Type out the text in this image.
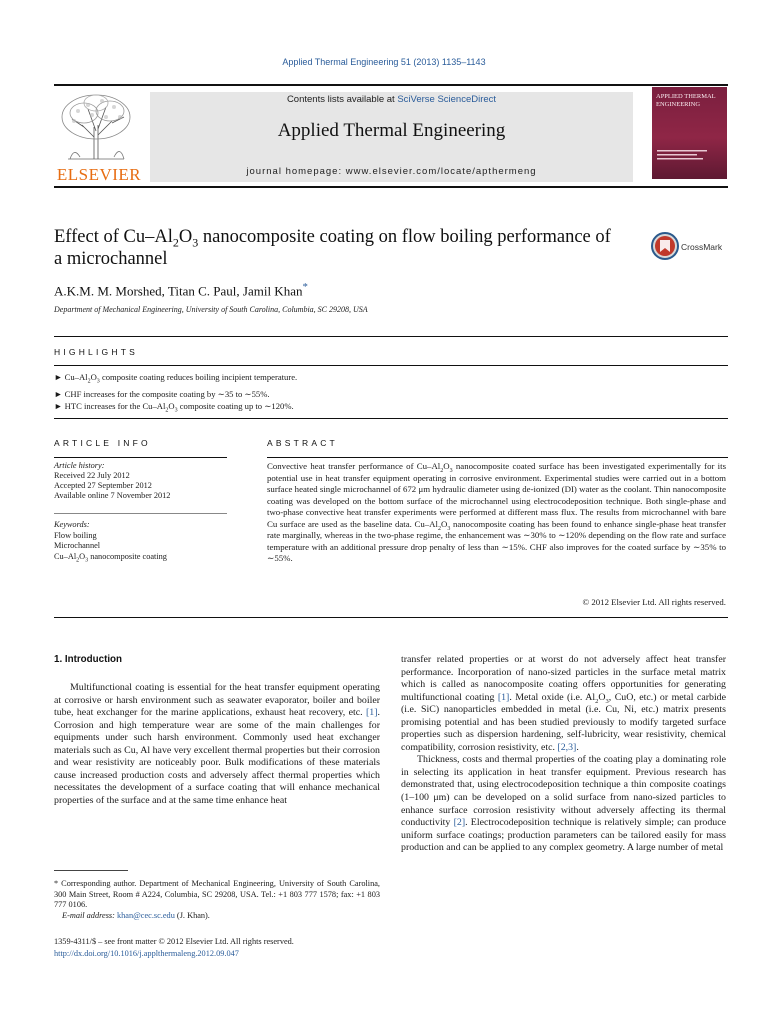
Applied Thermal Engineering 51 (2013) 1135–1143
ELSEVIER
Contents lists available at SciVerse ScienceDirect
Applied Thermal Engineering
journal homepage: www.elsevier.com/locate/apthermeng
APPLIED THERMAL ENGINEERING
Effect of $Cu-Al_2O_3$ nanocomposite coating on flow boiling performance of a microchannel
CrossMark
A.K.M. M. Morshed, Titan C. Paul, Jamil Khan*
Department of Mechanical Engineering, University of South Carolina, Columbia, SC 29208, USA
HIGHLIGHTS
► $Cu-Al_2O_3$ composite coating reduces boiling incipient temperature.
► CHF increases for the composite coating by ∼35 to ∼55%.
► HTC increases for the $Cu-Al_2O_3$ composite coating up to ∼120%.
ARTICLE INFO	ABSTRACT
Article history:
Received 22 July 2012
Accepted 27 September 2012
Available online 7 November 2012
Keywords:
Flow boiling
Microchannel
$Cu-Al_2O_3$ nanocomposite coating
Convective heat transfer performance of $Cu-Al_2O_3$ nanocomposite coated surface has been investigated experimentally for its potential use in heat transfer equipment operating in corrosive environment. Experimental studies were carried out in a bottom surface heated single microchannel of 672 μm hydraulic diameter using de-ionized (DI) water as the coolant. Thin nanocomposite coating was developed on the bottom surface of the microchannel using electrocodeposition technique. Both single-phase and two-phase convective heat transfer experiments were performed at different mass flux. The results from microchannel with bare Cu surface are used as the baseline data. $Cu-Al_2O_3$ nanocomposite coating has been found to enhance single-phase heat transfer rate marginally, whereas in the two-phase regime, the enhancement was ∼30% to ∼120% depending on the flow rate and surface temperature with an additional pressure drop penalty of less than ∼15%. CHF also improves for the coated surface by ∼35% to ∼55%.
© 2012 Elsevier Ltd. All rights reserved.
1. Introduction

Multifunctional coating is essential for the heat transfer equipment operating at corrosive or harsh environment such as seawater evaporator, boiler and boiler tube, heat exchanger for the marine applications, exhaust heat recovery, etc. [1]. Corrosion and high temperature wear are some of the main challenges for equipments under such harsh environment. Commonly used heat exchanger materials such as Cu, Al have very excellent thermal properties but their corrosion and wear resistivity are noticeably poor. Bulk modifications of these materials cause increased production costs and adversely affect thermal properties which necessitates the development of a surface coating that will enhance mechanical properties of the surface and at the same time enhance heat

transfer related properties or at worst do not adversely affect heat transfer performance. Incorporation of nano-sized particles in the surface metal matrix which is called as nanocomposite coating offers opportunities for generating multifunctional coating [1]. Metal oxide (i.e. $Al_2O_3$, CuO, etc.) or metal carbide (i.e. SiC) nanoparticles embedded in metal (i.e. Cu, Ni, etc.) matrix presents promising potential and has been studied previously to modify targeted surface properties such as dispersion hardening, self-lubricity, wear resistivity, chemical compatibility, corrosion resistivity, etc. [2,3].

Thickness, costs and thermal properties of the coating play a dominating role in selecting its application in heat transfer equipment. Previous research has demonstrated that, using electrocodeposition technique a thin composite coatings (1–100 μm) can be developed on a solid surface from nano-sized particles to enhance surface corrosion resistivity without adversely affecting its thermal conductivity [2]. Electrocodeposition technique is relatively simple; can produce uniform surface coatings; production parameters can be tailored easily for mass production and can be applied to any complex geometry. A large number of metal

* Corresponding author. Department of Mechanical Engineering, University of South Carolina, 300 Main Street, Room # A224, Columbia, SC 29208, USA. Tel.: +1 803 777 1578; fax: +1 803 777 0106.
E-mail address: khan@cec.sc.edu (J. Khan).
1359-4311/$ – see front matter © 2012 Elsevier Ltd. All rights reserved.
http://dx.doi.org/10.1016/j.applthermaleng.2012.09.047
